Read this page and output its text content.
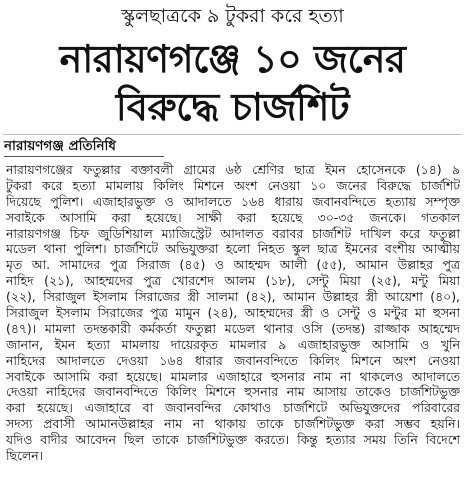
স্কুলছাত্রকে ৯ টুকরা করে হত্যা
নারায়ণগঞ্জে ১০ জনের
বিরুদ্ধে চার্জশিট
নারায়ণগঞ্জ প্রতিনিধি
নারায়ণগঞ্জের ফতুল্লার বক্তাবলী গ্রামের ৬ষ্ঠ শ্রেণির ছাত্র ইমন হোসেনকে (১৪) ৯
টুকরা করে হত্যা মামলায় কিলিং মিশনে অংশ নেওয়া ১০ জনের বিরুদ্ধে চার্জশিট
দিয়েছে পুলিশ। এজাহারভুক্ত ও আদালতে ১৬৪ ধারায় জবানবন্দিতে হত্যায় সম্পৃক্ত
সবাইকে আসামি করা হয়েছে। সাক্ষী করা হয়েছে ৩০-৩৫ জনকে। গতকাল
নারায়ণগঞ্জ চিফ জুডিশিয়াল ম্যাজিস্ট্রেট আদালত বরাবর চার্জশিট দাখিল করে ফতুল্লা
মডেল থানা পুলিশ। চার্জশিটে অভিযুক্তরা হলো নিহত স্কুল ছাত্র ইমনের বংশীয় আত্মীয়
মৃত আ. সামাদের পুত্র সিরাজ (৪৫) ও আহম্মদ আলী (৫৫), আমান উল্লাহর পুত্র
নাহিদ (২১), আহম্মদের পুত্র খোরশেদ আলম (১৮), সেন্টু মিয়া (২৫), মন্টু মিয়া
(২২), সিরাজুল ইসলাম সিরাজের স্ত্রী সালমা (৪২), আমান উল্লাহর স্ত্রী আয়েশা (৪০),
সিরাজুল ইসলাম সিরাজের পুত্র মামুন (২৪), আহম্মদের স্ত্রী ও সেন্টু ও মন্টুর মা হুসনা
(৪৭)। মামলা তদন্তকারী কর্মকর্তা ফতুল্লা মডেল থানার ওসি (তদন্ত) রাজ্জাক আহম্মেদ
জানান, ইমন হত্যা মামলায় দায়েরকৃত মামলার ৯ এজাহারভুক্ত আসামি ও খুনি
নাহিদের আদালতে দেওয়া ১৬৪ ধারার জবানবন্দিতে কিলিং মিশনে অংশ নেওয়া
সবাইকে আসামি করা হয়েছে। মামলার এজাহারে হুসনার নাম না থাকলেও আদালতে
দেওয়া নাহিদের জবানবন্দিতে কিলিং মিশনে হুসনার নাম আসায় তাকেও চার্জশিটভুক্ত
করা হয়েছে। এজাহারে বা জবানবন্দির কোথাও চার্জশিটে অভিযুক্তদের পরিবারের
সদস্য প্রবাসী আমানউল্লাহর নাম না থাকায় তাকে চার্জশিটভুক্ত করা সম্ভব হয়নি।
যদিও বাদীর আবেদন ছিল তাকে চার্জশিটভুক্ত করতে। কিন্তু হত্যার সময় তিনি বিদেশে
ছিলেন।
